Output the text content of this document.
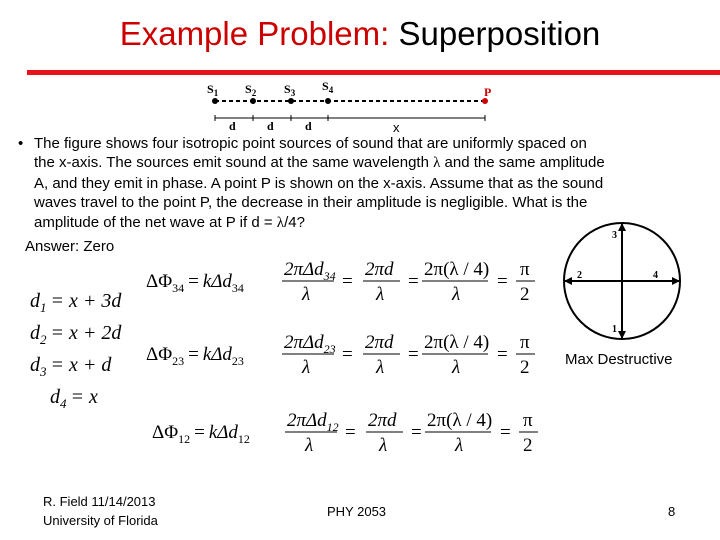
Example Problem: Superposition
$S_1$ $S_2$ $S_3$ $S_4$	P
d	d	d	x
• The figure shows four isotropic point sources of sound that are uniformly spaced on
the x-axis. The sources emit sound at the same wavelength λ and the same amplitude
A, and they emit in phase. A point P is shown on the x-axis. Assume that as the sound
waves travel to the point P, the decrease in their amplitude is negligible. What is the
amplitude of the net wave at P if d = λ/4?
Answer: Zero
1
2
3
4
Max Destructive
$d_1 = x + 3d$
$d_2 = x + 2d$
$d_3 = x + d$
$d_4 = x$
$\Delta\Phi_{34} = k\Delta d_{34}$
2πΔd$_{34}$
λ
=
2πd
λ
=
2π(λ / 4)
λ
=
π
2
$\Delta\Phi_{23} = k\Delta d_{23}$
2πΔd$_{23}$
λ
=
2πd
λ
=
2π(λ / 4)
λ
=
π
2
$\Delta\Phi_{12} = k\Delta d_{12}$
2πΔd$_{12}$
λ
=
2πd
λ
=
2π(λ / 4)
λ
=
π
2
R. Field 11/14/2013
University of Florida
PHY 2053	8
